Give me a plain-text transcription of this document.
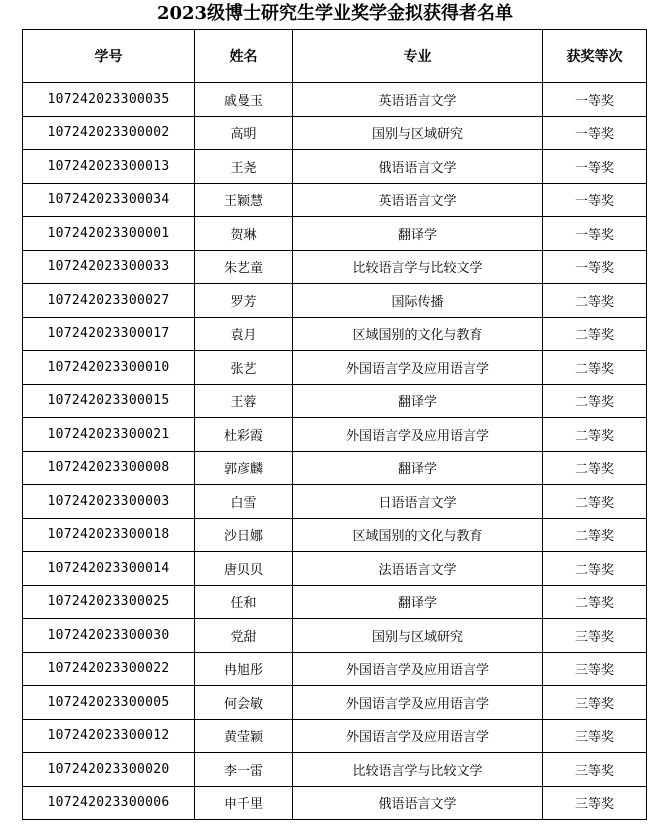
2023级博士研究生学业奖学金拟获得者名单
学号	姓名	专业	获奖等次
107242023300035	戚曼玉	英语语言文学	一等奖
107242023300002	高明	国别与区域研究	一等奖
107242023300013	王尧	俄语语言文学	一等奖
107242023300034	王颖慧	英语语言文学	一等奖
107242023300001	贺琳	翻译学	一等奖
107242023300033	朱艺童	比较语言学与比较文学	一等奖
107242023300027	罗芳	国际传播	二等奖
107242023300017	袁月	区域国别的文化与教育	二等奖
107242023300010	张艺	外国语言学及应用语言学	二等奖
107242023300015	王蓉	翻译学	二等奖
107242023300021	杜彩霞	外国语言学及应用语言学	二等奖
107242023300008	郭彦麟	翻译学	二等奖
107242023300003	白雪	日语语言文学	二等奖
107242023300018	沙日娜	区域国别的文化与教育	二等奖
107242023300014	唐贝贝	法语语言文学	二等奖
107242023300025	任和	翻译学	二等奖
107242023300030	党甜	国别与区域研究	三等奖
107242023300022	冉旭彤	外国语言学及应用语言学	三等奖
107242023300005	何会敏	外国语言学及应用语言学	三等奖
107242023300012	黄莹颖	外国语言学及应用语言学	三等奖
107242023300020	李一雷	比较语言学与比较文学	三等奖
107242023300006	申千里	俄语语言文学	三等奖
